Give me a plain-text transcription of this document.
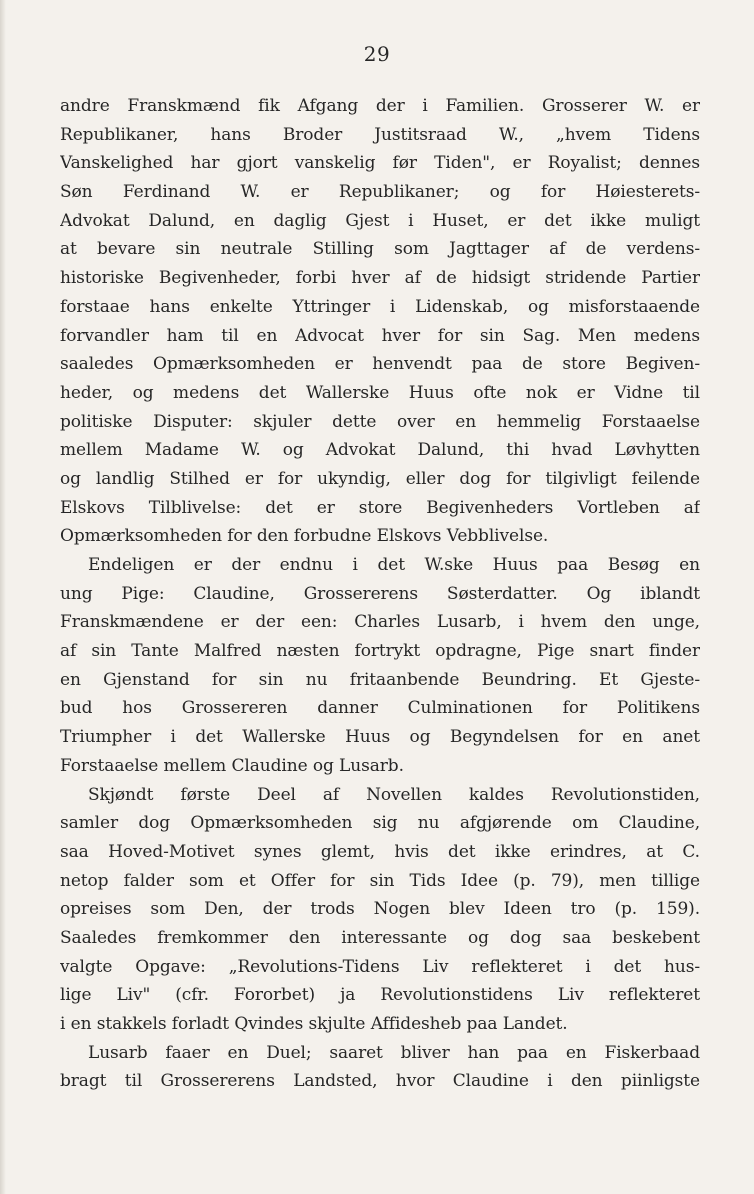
29
andre Franskmænd fik Afgang der i Familien. Grosserer W. er
Republikaner, hans Broder Justitsraad W., „hvem Tidens
Vanskelighed har gjort vanskelig før Tiden", er Royalist; dennes
Søn Ferdinand W. er Republikaner; og for Høiesterets-
Advokat Dalund, en daglig Gjest i Huset, er det ikke muligt
at bevare sin neutrale Stilling som Jagttager af de verdens-
historiske Begivenheder, forbi hver af de hidsigt stridende Partier
forstaae hans enkelte Yttringer i Lidenskab, og misforstaaende
forvandler ham til en Advocat hver for sin Sag. Men medens
saaledes Opmærksomheden er henvendt paa de store Begiven-
heder, og medens det Wallerske Huus ofte nok er Vidne til
politiske Disputer: skjuler dette over en hemmelig Forstaaelse
mellem Madame W. og Advokat Dalund, thi hvad Løvhytten
og landlig Stilhed er for ukyndig, eller dog for tilgivligt feilende
Elskovs Tilblivelse: det er store Begivenheders Vortleben af
Opmærksomheden for den forbudne Elskovs Vebblivelse.
Endeligen er der endnu i det W.ske Huus paa Besøg en
ung Pige: Claudine, Grossererens Søsterdatter. Og iblandt
Franskmændene er der een: Charles Lusarb, i hvem den unge,
af sin Tante Malfred næsten fortrykt opdragne, Pige snart finder
en Gjenstand for sin nu fritaanbende Beundring. Et Gjeste-
bud hos Grossereren danner Culminationen for Politikens
Triumpher i det Wallerske Huus og Begyndelsen for en anet
Forstaaelse mellem Claudine og Lusarb.
Skjøndt første Deel af Novellen kaldes Revolutionstiden,
samler dog Opmærksomheden sig nu afgjørende om Claudine,
saa Hoved-Motivet synes glemt, hvis det ikke erindres, at C.
netop falder som et Offer for sin Tids Idee (p. 79), men tillige
opreises som Den, der trods Nogen blev Ideen tro (p. 159).
Saaledes fremkommer den interessante og dog saa beskebent
valgte Opgave: „Revolutions-Tidens Liv reflekteret i det hus-
lige Liv" (cfr. Fororbet) ja Revolutionstidens Liv reflekteret
i en stakkels forladt Qvindes skjulte Affidesheb paa Landet.
Lusarb faaer en Duel; saaret bliver han paa en Fiskerbaad
bragt til Grossererens Landsted, hvor Claudine i den piinligste
